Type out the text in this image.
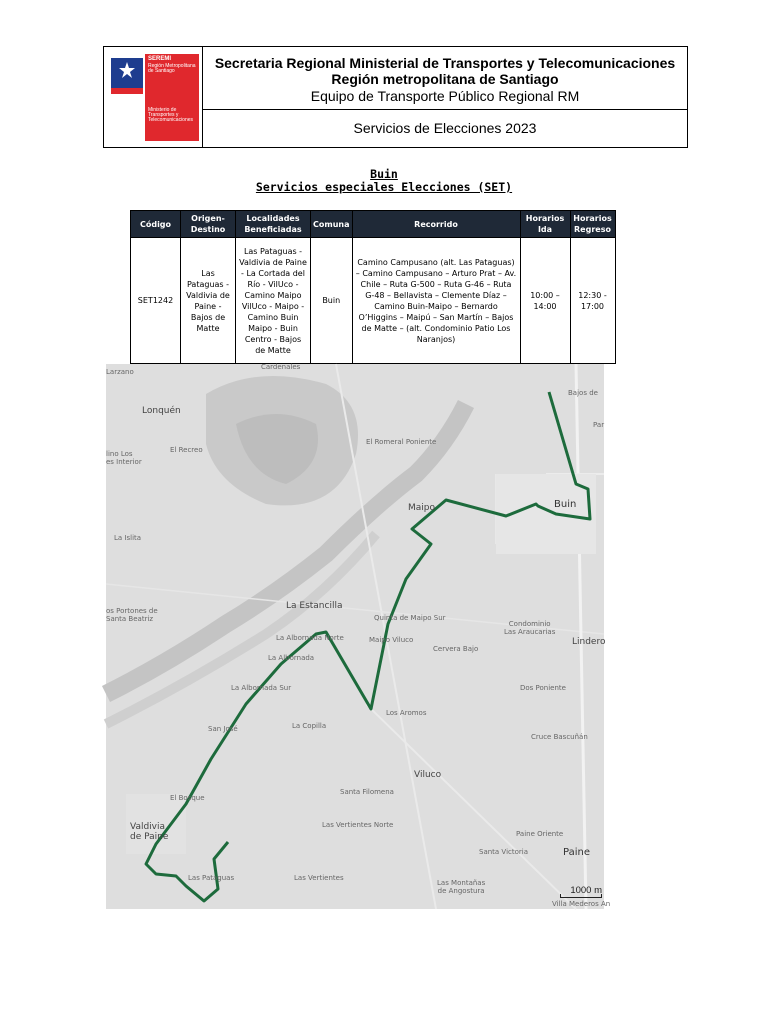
SEREMI
Región Metropolitana de Santiago
Ministerio de Transportes y Telecomunicaciones
Secretaria Regional Ministerial de Transportes y Telecomunicaciones
Región metropolitana de Santiago
Equipo de Transporte Público Regional RM
Servicios de Elecciones 2023
Buin
Servicios especiales Elecciones (SET)
Código	Origen-Destino	Localidades Beneficiadas	Comuna	Recorrido	Horarios Ida	Horarios Regreso
SET1242	Las Pataguas - Valdivia de Paine - Bajos de Matte	Las Pataguas - Valdivia de Paine - La Cortada del Río - VilUco - Camino Maipo VilUco - Maipo - Camino Buin Maipo - Buin Centro - Bajos de Matte	Buin	Camino Campusano (alt. Las Pataguas) – Camino Campusano – Arturo Prat – Av. Chile – Ruta G-500 – Ruta G-46 – Ruta G-48 – Bellavista – Clemente Díaz – Camino Buin-Maipo – Bernardo O’Higgins – Maipú – San Martín – Bajos de Matte – (alt. Condominio Patio Los Naranjos)	10:00 – 14:00	12:30 - 17:00
Larzano
Cardenales
Lonquén
El Recreo
lino Los
es Interior
La Islita
os Portones de
Santa Beatriz
El Romeral Poniente
Maipo	Buin
Bajos de
Par
La Estancilla
Quinta de Maipo Sur
Condominio
Las Araucarias
Lindero
La Albornada Norte	Maipo Viluco
Cervera Bajo
La Albornada
La Albornada Sur	Dos Poniente
Los Aromos
San José	La Copilla
Cruce Bascuñán
Viluco
Santa Filomena
El Bosque
Las Vertientes Norte
Valdivia
de Paine	Paine Oriente
Santa Victoria	Paine
Las Pataguas	Las Vertientes
Las Montañas
de Angostura
Villa Mederos An
1000 m
